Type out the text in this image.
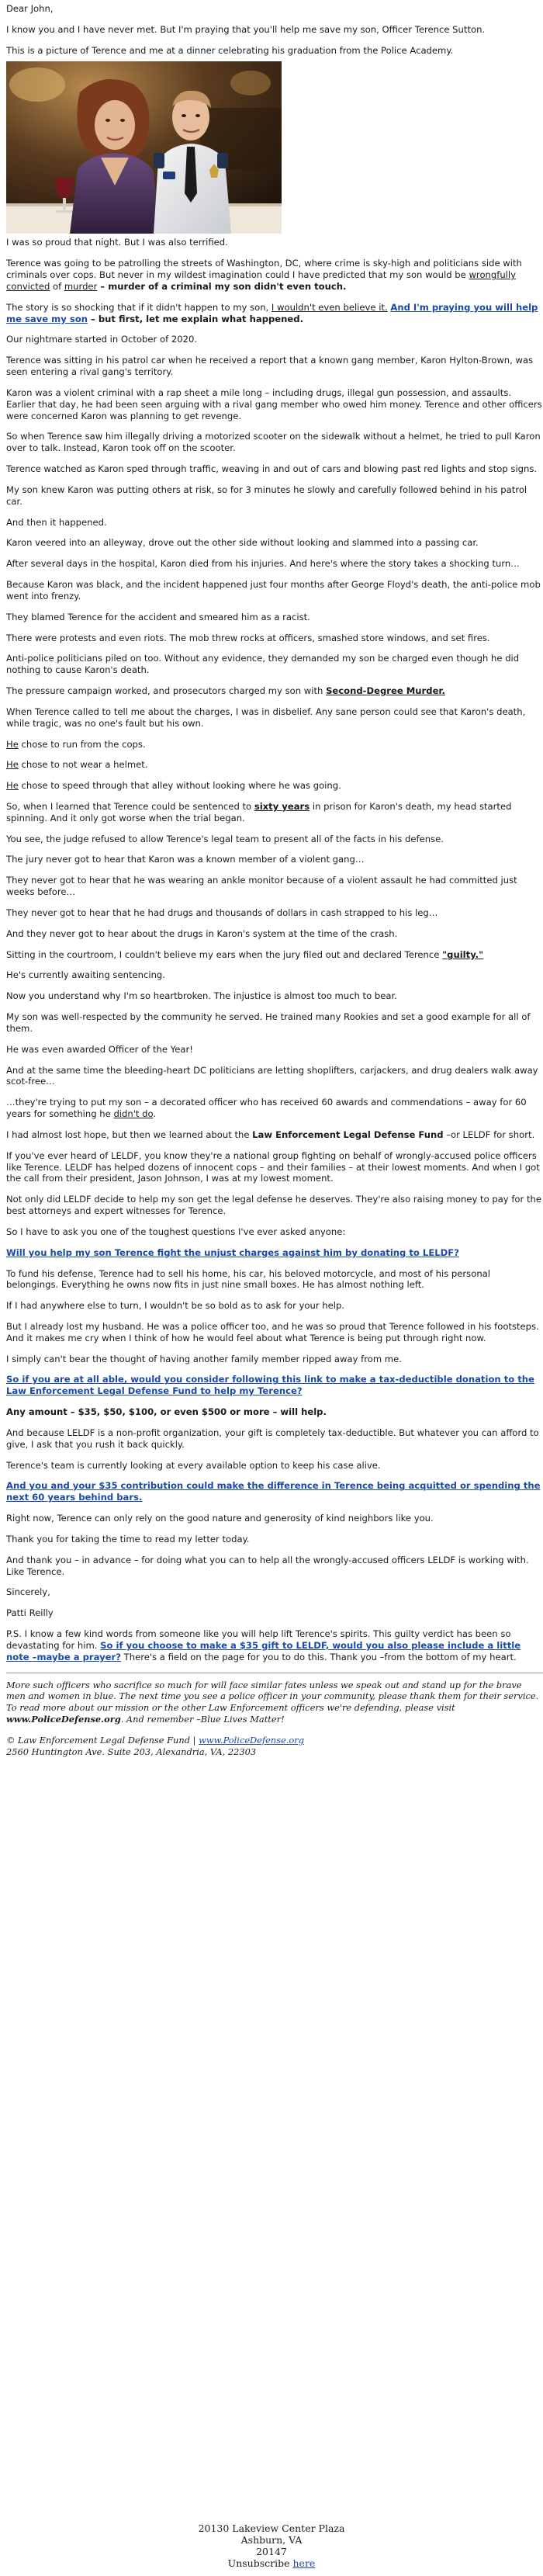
Dear John,

I know you and I have never met. But I'm praying that you'll help me save my son, Officer Terence Sutton.

This is a picture of Terence and me at a dinner celebrating his graduation from the Police Academy.

I was so proud that night. But I was also terrified.

Terence was going to be patrolling the streets of Washington, DC, where crime is sky-high and politicians side with criminals over cops. But never in my wildest imagination could I have predicted that my son would be wrongfully convicted of murder – murder of a criminal my son didn't even touch.

The story is so shocking that if it didn't happen to my son, I wouldn't even believe it. And I'm praying you will help me save my son – but first, let me explain what happened.

Our nightmare started in October of 2020.

Terence was sitting in his patrol car when he received a report that a known gang member, Karon Hylton-Brown, was seen entering a rival gang's territory.

Karon was a violent criminal with a rap sheet a mile long – including drugs, illegal gun possession, and assaults. Earlier that day, he had been seen arguing with a rival gang member who owed him money. Terence and other officers were concerned Karon was planning to get revenge.

So when Terence saw him illegally driving a motorized scooter on the sidewalk without a helmet, he tried to pull Karon over to talk. Instead, Karon took off on the scooter.

Terence watched as Karon sped through traffic, weaving in and out of cars and blowing past red lights and stop signs.

My son knew Karon was putting others at risk, so for 3 minutes he slowly and carefully followed behind in his patrol car.

And then it happened.

Karon veered into an alleyway, drove out the other side without looking and slammed into a passing car.

After several days in the hospital, Karon died from his injuries. And here's where the story takes a shocking turn…

Because Karon was black, and the incident happened just four months after George Floyd's death, the anti-police mob went into frenzy.

They blamed Terence for the accident and smeared him as a racist.

There were protests and even riots. The mob threw rocks at officers, smashed store windows, and set fires.

Anti-police politicians piled on too. Without any evidence, they demanded my son be charged even though he did nothing to cause Karon's death.

The pressure campaign worked, and prosecutors charged my son with Second-Degree Murder.

When Terence called to tell me about the charges, I was in disbelief. Any sane person could see that Karon's death, while tragic, was no one's fault but his own.

He chose to run from the cops.

He chose to not wear a helmet.

He chose to speed through that alley without looking where he was going.

So, when I learned that Terence could be sentenced to sixty years in prison for Karon's death, my head started spinning. And it only got worse when the trial began.

You see, the judge refused to allow Terence's legal team to present all of the facts in his defense.

The jury never got to hear that Karon was a known member of a violent gang…

They never got to hear that he was wearing an ankle monitor because of a violent assault he had committed just weeks before…

They never got to hear that he had drugs and thousands of dollars in cash strapped to his leg…

And they never got to hear about the drugs in Karon's system at the time of the crash.

Sitting in the courtroom, I couldn't believe my ears when the jury filed out and declared Terence "guilty."

He's currently awaiting sentencing.

Now you understand why I'm so heartbroken. The injustice is almost too much to bear.

My son was well-respected by the community he served. He trained many Rookies and set a good example for all of them.

He was even awarded Officer of the Year!

And at the same time the bleeding-heart DC politicians are letting shoplifters, carjackers, and drug dealers walk away scot-free…

…they're trying to put my son – a decorated officer who has received 60 awards and commendations – away for 60 years for something he didn't do.

I had almost lost hope, but then we learned about the Law Enforcement Legal Defense Fund –or LELDF for short.

If you've ever heard of LELDF, you know they're a national group fighting on behalf of wrongly-accused police officers like Terence. LELDF has helped dozens of innocent cops – and their families – at their lowest moments. And when I got the call from their president, Jason Johnson, I was at my lowest moment.

Not only did LELDF decide to help my son get the legal defense he deserves. They're also raising money to pay for the best attorneys and expert witnesses for Terence.

So I have to ask you one of the toughest questions I've ever asked anyone:

Will you help my son Terence fight the unjust charges against him by donating to LELDF?

To fund his defense, Terence had to sell his home, his car, his beloved motorcycle, and most of his personal belongings. Everything he owns now fits in just nine small boxes. He has almost nothing left.

If I had anywhere else to turn, I wouldn't be so bold as to ask for your help.

But I already lost my husband. He was a police officer too, and he was so proud that Terence followed in his footsteps. And it makes me cry when I think of how he would feel about what Terence is being put through right now.

I simply can't bear the thought of having another family member ripped away from me.

So if you are at all able, would you consider following this link to make a tax-deductible donation to the Law Enforcement Legal Defense Fund to help my Terence?

Any amount – $35, $50, $100, or even $500 or more – will help.

And because LELDF is a non-profit organization, your gift is completely tax-deductible. But whatever you can afford to give, I ask that you rush it back quickly.

Terence's team is currently looking at every available option to keep his case alive.

And you and your $35 contribution could make the difference in Terence being acquitted or spending the next 60 years behind bars.

Right now, Terence can only rely on the good nature and generosity of kind neighbors like you.

Thank you for taking the time to read my letter today.

And thank you – in advance – for doing what you can to help all the wrongly-accused officers LELDF is working with. Like Terence.

Sincerely,

Patti Reilly

P.S. I know a few kind words from someone like you will help lift Terence's spirits. This guilty verdict has been so devastating for him. So if you choose to make a $35 gift to LELDF, would you also please include a little note –maybe a prayer? There's a field on the page for you to do this. Thank you –from the bottom of my heart.

More such officers who sacrifice so much for will face similar fates unless we speak out and stand up for the brave men and women in blue. The next time you see a police officer in your community, please thank them for their service. To read more about our mission or the other Law Enforcement officers we're defending, please visit www.PoliceDefense.org. And remember –Blue Lives Matter!

© Law Enforcement Legal Defense Fund | www.PoliceDefense.org
2560 Huntington Ave. Suite 203, Alexandria, VA, 22303
20130 Lakeview Center Plaza
Ashburn, VA
20147
Unsubscribe here
